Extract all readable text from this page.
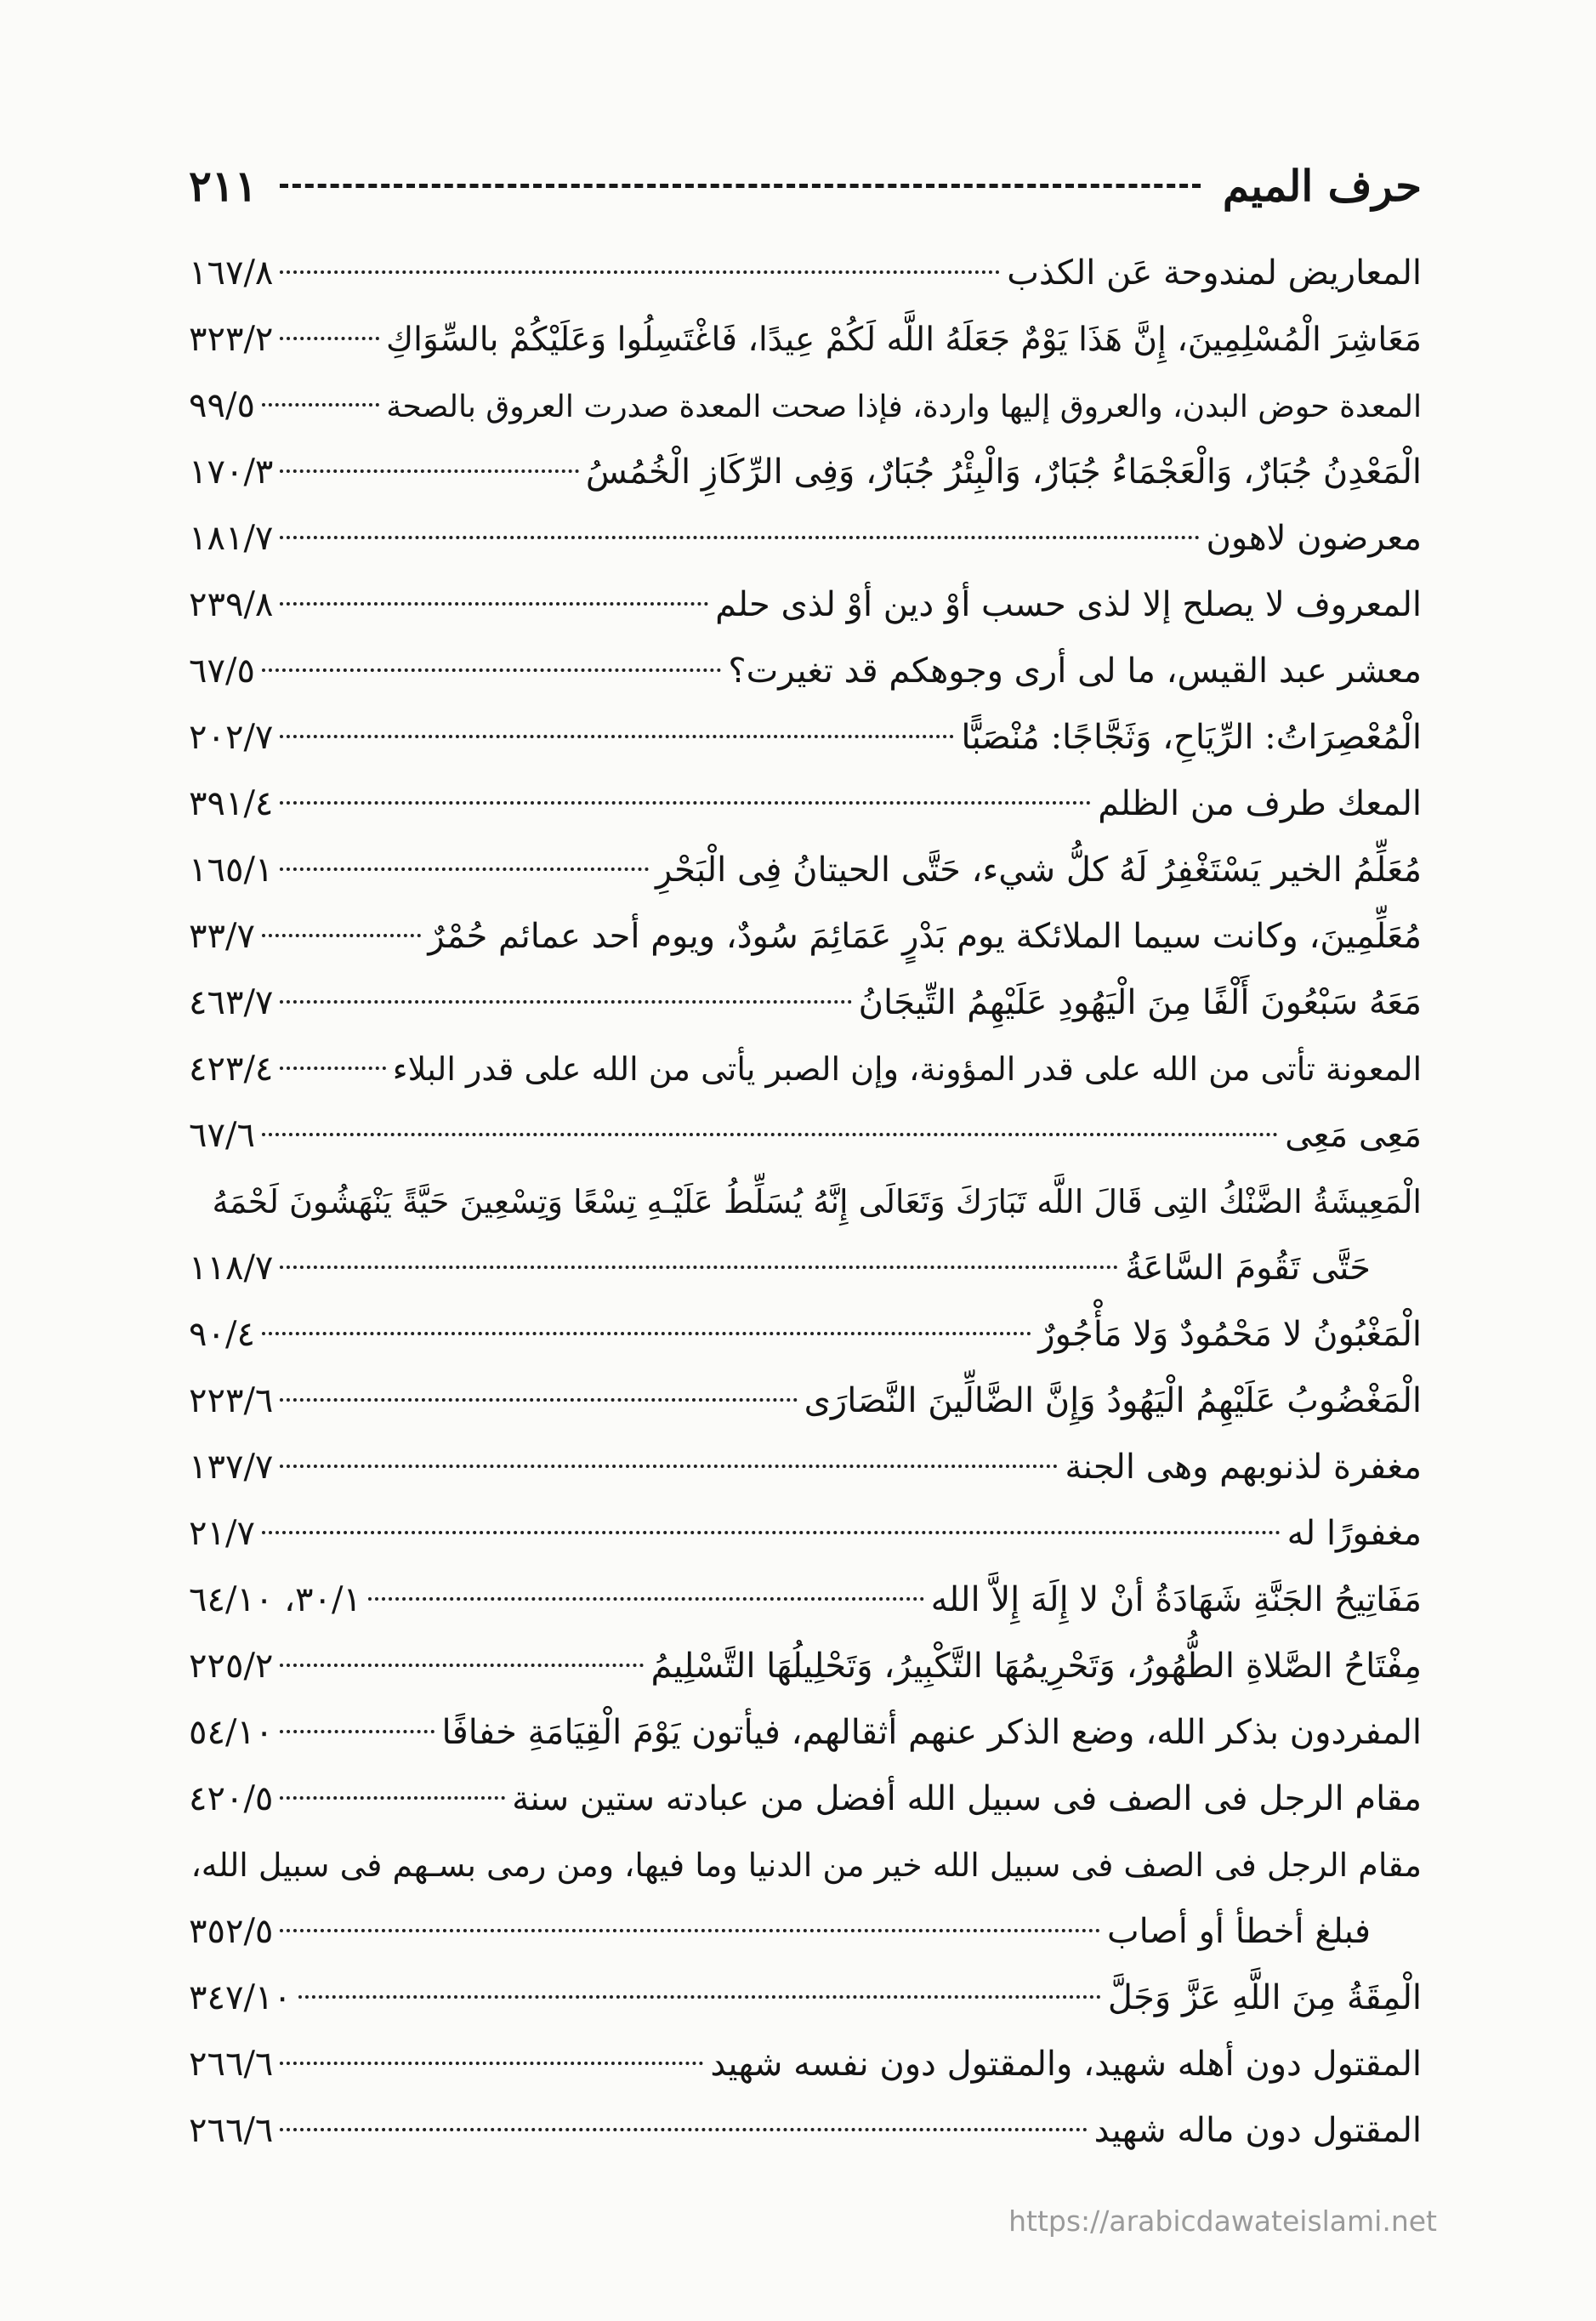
حرف الميم
٢١١
المعاريض لمندوحة عَن الكذب
١٦٧/٨
مَعَاشِرَ الْمُسْلِمِينَ، إِنَّ هَذَا يَوْمٌ جَعَلَهُ اللَّه لَكُمْ عِيدًا، فَاغْتَسِلُوا وَعَلَيْكُمْ بالسِّوَاكِ
٣٢٣/٢
المعدة حوض البدن، والعروق إليها واردة، فإذا صحت المعدة صدرت العروق بالصحة
٩٩/٥
الْمَعْدِنُ جُبَارٌ، وَالْعَجْمَاءُ جُبَارٌ، وَالْبِئْرُ جُبَارٌ، وَفِى الرِّكَازِ الْخُمُسُ
١٧٠/٣
معرضون لاهون
١٨١/٧
المعروف لا يصلح إلا لذى حسب أوْ دين أوْ لذى حلم
٢٣٩/٨
معشر عبد القيس، ما لى أرى وجوهكم قد تغيرت؟
٦٧/٥
الْمُعْصِرَاتُ: الرِّيَاحِ، وَثَجَّاجًا: مُنْصَبًّا
٢٠٢/٧
المعك طرف من الظلم
٣٩١/٤
مُعَلِّمُ الخير يَسْتَغْفِرُ لَهُ كلُّ شيء، حَتَّى الحيتانُ فِى الْبَحْرِ
١٦٥/١
مُعَلِّمِينَ، وكانت سيما الملائكة يوم بَدْرٍ عَمَائِمَ سُودٌ، ويوم أحد عمائم حُمْرٌ
٣٣/٧
مَعَهُ سَبْعُونَ أَلْفًا مِنَ الْيَهُودِ عَلَيْهِمُ التِّيجَانُ
٤٦٣/٧
المعونة تأتى من الله على قدر المؤونة، وإن الصبر يأتى من الله على قدر البلاء
٤٢٣/٤
مَعِى مَعِى
٦٧/٦
الْمَعِيشَةُ الضَّنْكُ التِى قَالَ اللَّه تَبَارَكَ وَتَعَالَى إِنَّهُ يُسَلِّطُ عَلَيْـهِ تِسْعًا وَتِسْعِينَ حَيَّةً يَنْهَشُونَ لَحْمَهُ
حَتَّى تَقُومَ السَّاعَةُ
١١٨/٧
الْمَغْبُونُ لا مَحْمُودٌ وَلا مَأْجُورٌ
٩٠/٤
الْمَغْضُوبُ عَلَيْهِمُ الْيَهُودُ وَإِنَّ الضَّالِّينَ النَّصَارَى
٢٢٣/٦
مغفرة لذنوبهم وهى الجنة
١٣٧/٧
مغفورًا له
٢١/٧
مَفَاتِيحُ الجَنَّةِ شَهَادَةُ أنْ لا إِلَهَ إِلاَّ الله
٣٠/١، ٦٤/١٠
مِفْتَاحُ الصَّلاةِ الطُّهُورُ، وَتَحْرِيمُهَا التَّكْبِيرُ، وَتَحْلِيلُهَا التَّسْلِيمُ
٢٢٥/٢
المفردون بذكر الله، وضع الذكر عنهم أثقالهم، فيأتون يَوْمَ الْقِيَامَةِ خفافًا
٥٤/١٠
مقام الرجل فى الصف فى سبيل الله أفضل من عبادته ستين سنة
٤٢٠/٥
مقام الرجل فى الصف فى سبيل الله خير من الدنيا وما فيها، ومن رمى بسـهم فى سبيل الله،
فبلغ أخطأ أو أصاب
٣٥٢/٥
الْمِقَةُ مِنَ اللَّهِ عَزَّ وَجَلَّ
٣٤٧/١٠
المقتول دون أهله شهيد، والمقتول دون نفسه شهيد
٢٦٦/٦
المقتول دون ماله شهيد
٢٦٦/٦
https://arabicdawateislami.net
